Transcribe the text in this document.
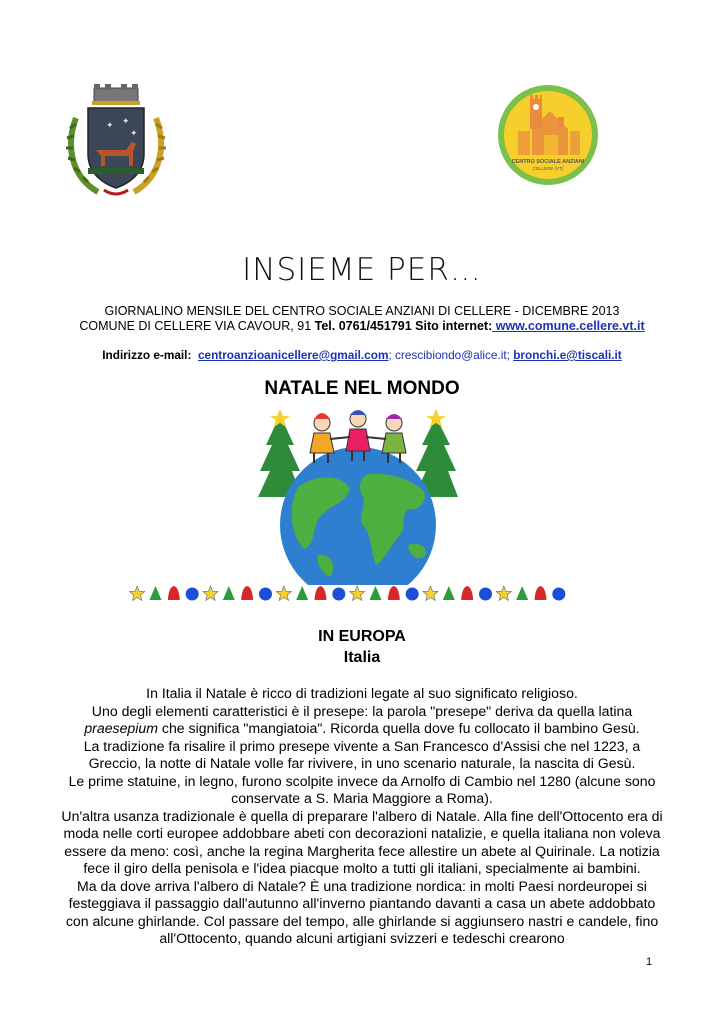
✦ ✦
✦
CENTRO SOCIALE ANZIANI
CELLERE (VT)
INSIEME PER…
GIORNALINO MENSILE DEL CENTRO SOCIALE ANZIANI DI CELLERE - DICEMBRE 2013
COMUNE DI CELLERE VIA CAVOUR, 91 Tel. 0761/451791 Sito internet: www.comune.cellere.vt.it
Indirizzo e-mail: centroanzioanicellere@gmail.com; crescibiondo@alice.it; bronchi.e@tiscali.it
NATALE NEL MONDO
IN EUROPA
Italia

In Italia il Natale è ricco di tradizioni legate al suo significato religioso.

Uno degli elementi caratteristici è il presepe: la parola "presepe" deriva da quella latina
praesepium che significa "mangiatoia". Ricorda quella dove fu collocato il bambino Gesù.

La tradizione fa risalire il primo presepe vivente a San Francesco d'Assisi che nel 1223, a Greccio, la notte di Natale volle far rivivere, in uno scenario naturale, la nascita di Gesù.

Le prime statuine, in legno, furono scolpite invece da Arnolfo di Cambio nel 1280 (alcune sono conservate a S. Maria Maggiore a Roma).

Un'altra usanza tradizionale è quella di preparare l'albero di Natale. Alla fine dell'Ottocento era di moda nelle corti europee addobbare abeti con decorazioni natalizie, e quella italiana non voleva essere da meno: così, anche la regina Margherita fece allestire un abete al Quirinale. La notizia fece il giro della penisola e l'idea piacque molto a tutti gli italiani, specialmente ai bambini.

Ma da dove arriva l'albero di Natale? È una tradizione nordica: in molti Paesi nordeuropei si festeggiava il passaggio dall'autunno all'inverno piantando davanti a casa un abete addobbato con alcune ghirlande. Col passare del tempo, alle ghirlande si aggiunsero nastri e candele, fino all'Ottocento, quando alcuni artigiani svizzeri e tedeschi crearono

1
